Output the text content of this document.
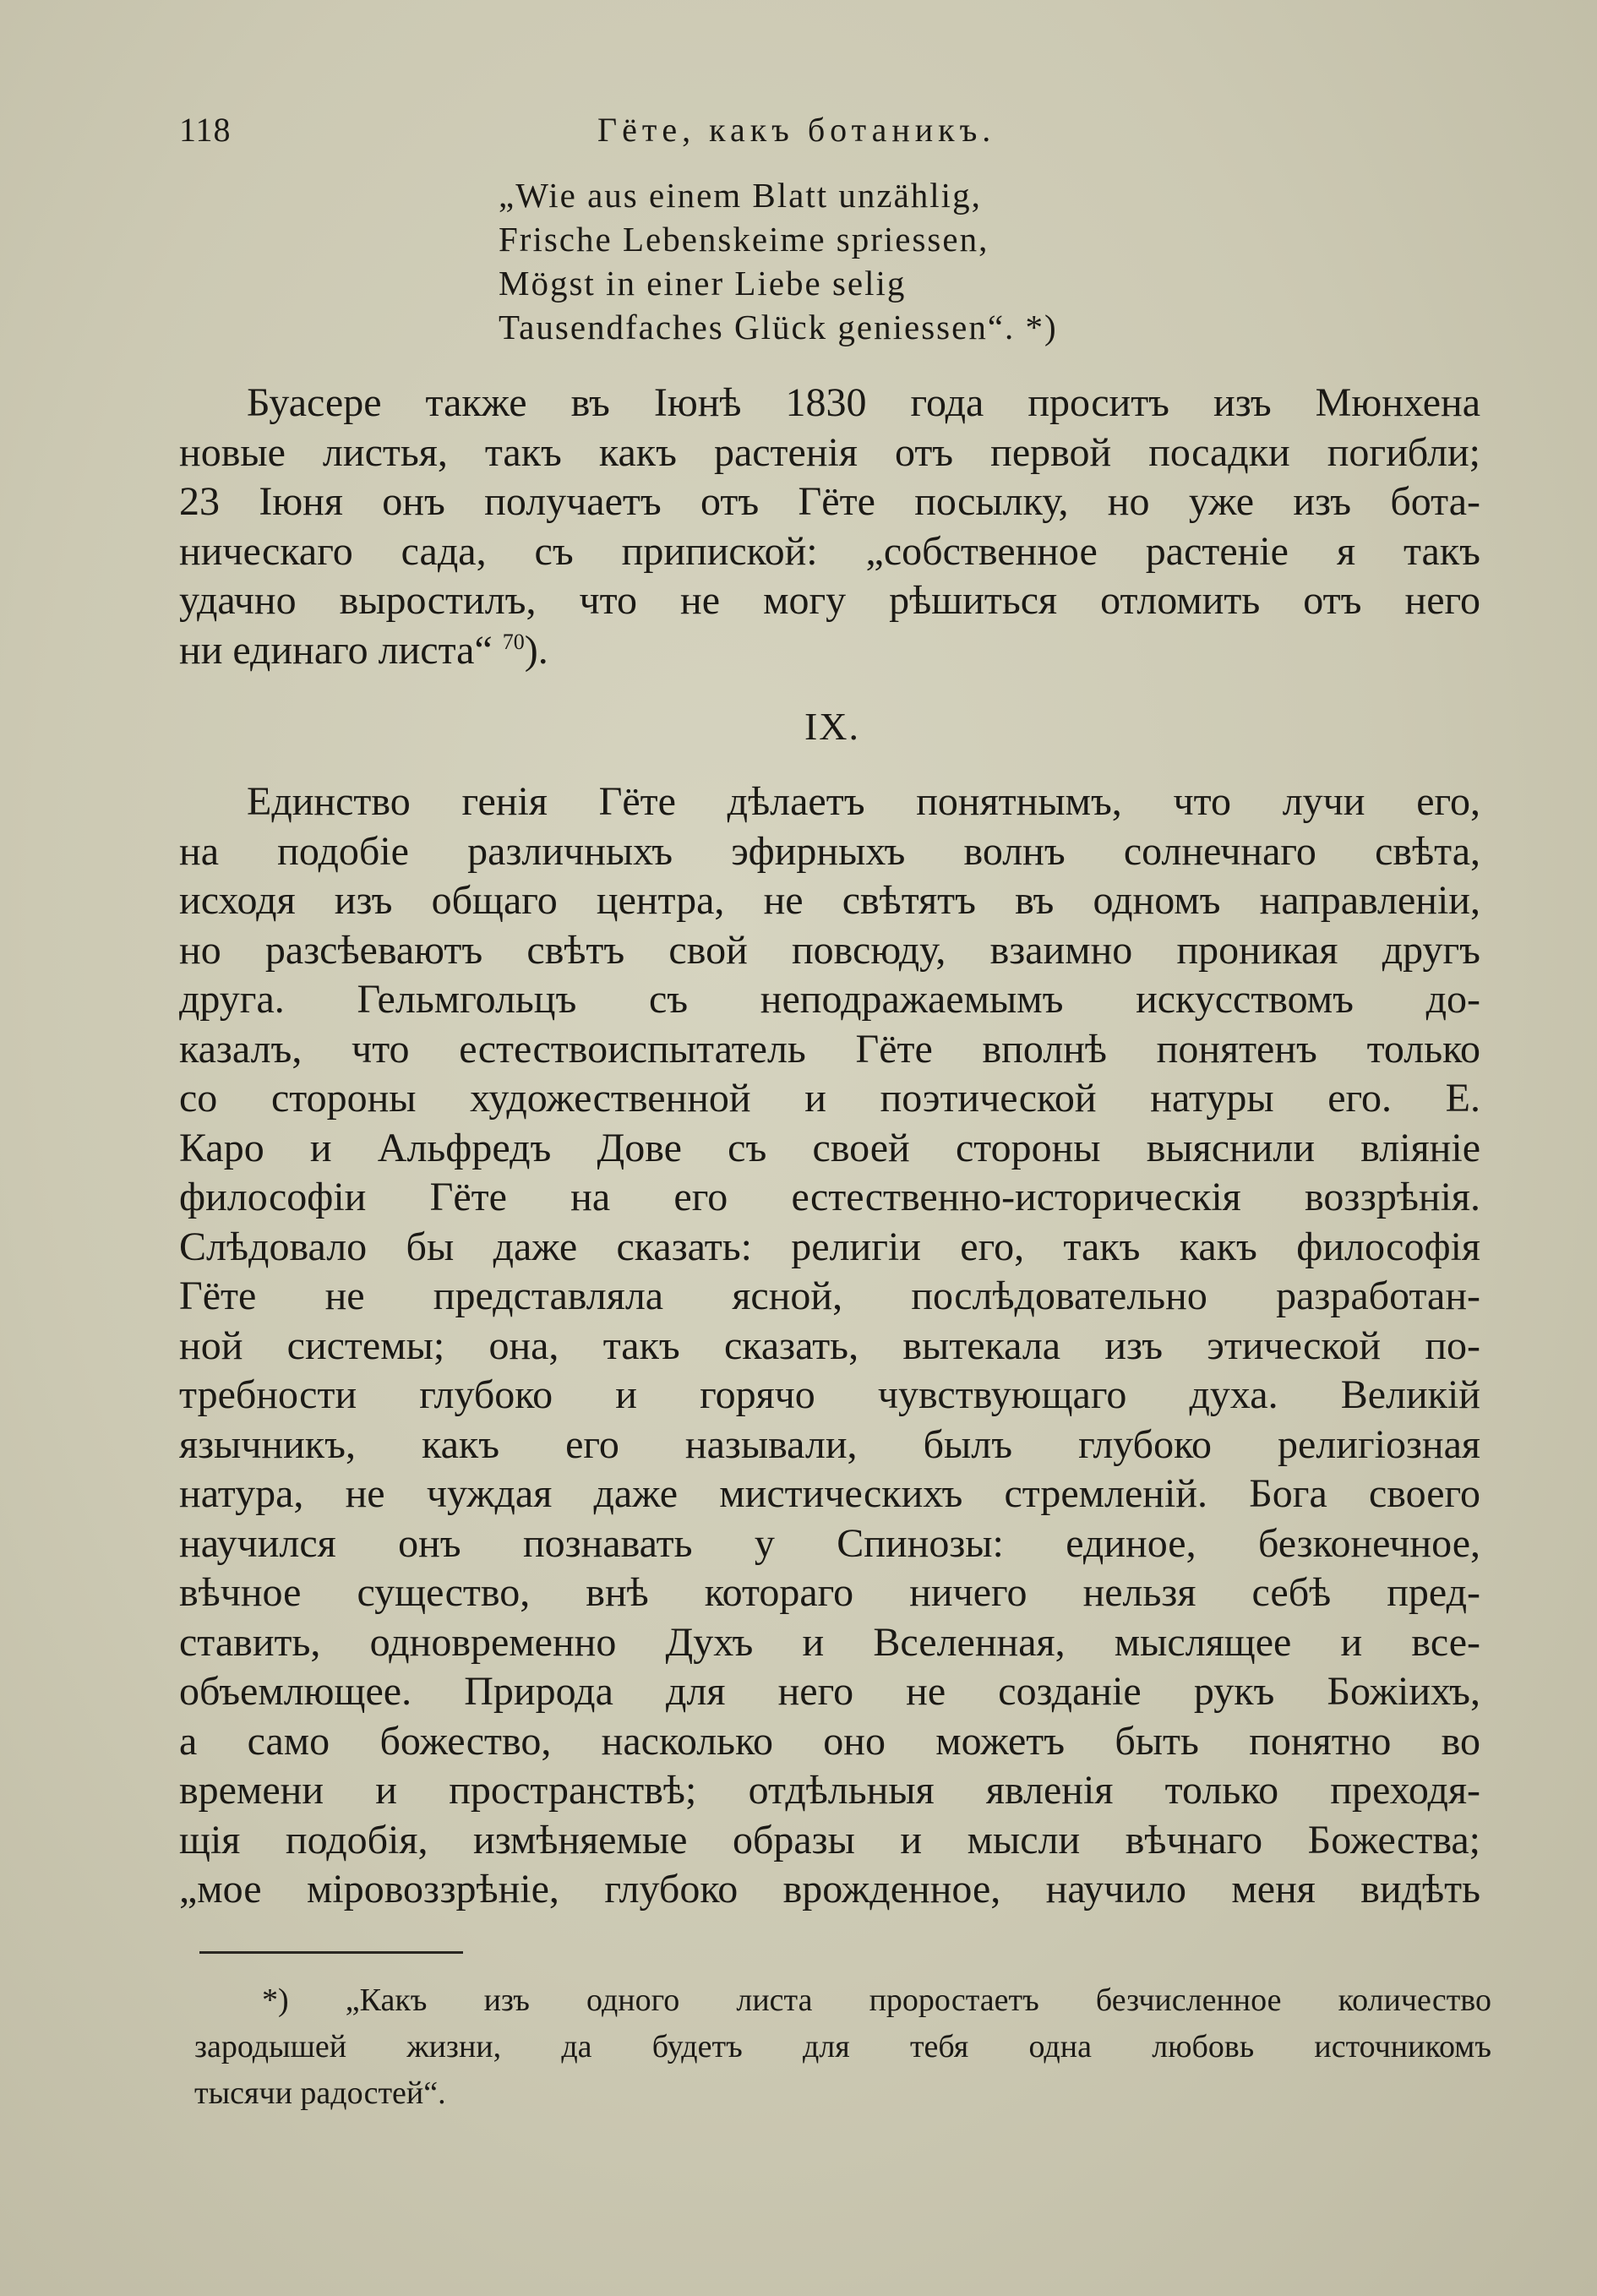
118	Гёте, какъ ботаникъ.
„Wie aus einem Blatt unzählig,
Frische Lebenskeime spriessen,
Mögst in einer Liebe selig
Tausendfaches Glück geniessen“. *)
Буасере также въ Iюнѣ 1830 года проситъ изъ Мюнхена
новые листья, такъ какъ растенiя отъ первой посадки погибли;
23 Iюня онъ получаетъ отъ Гёте посылку, но уже изъ бота-
ническаго сада, съ припиской: „собственное растенiе я такъ
удачно выростилъ, что не могу рѣшиться отломить отъ него
ни единаго листа“ $^{70}$).
IX.
Единство генiя Гёте дѣлаетъ понятнымъ, что лучи его,
на подобiе различныхъ эфирныхъ волнъ солнечнаго свѣта,
исходя изъ общаго центра, не свѣтятъ въ одномъ направленiи,
но разсѣеваютъ свѣтъ свой повсюду, взаимно проникая другъ
друга. Гельмгольцъ съ неподражаемымъ искусствомъ до-
казалъ, что естествоиспытатель Гёте вполнѣ понятенъ только
со стороны художественной и поэтической натуры его. Е.
Каро и Альфредъ Дове съ своей стороны выяснили влiянiе
философiи Гёте на его естественно-историческiя воззрѣнiя.
Слѣдовало бы даже сказать: религiи его, такъ какъ философiя
Гёте не представляла ясной, послѣдовательно разработан-
ной системы; она, такъ сказать, вытекала изъ этической по-
требности глубоко и горячо чувствующаго духа. Великiй
язычникъ, какъ его называли, былъ глубоко религiозная
натура, не чуждая даже мистическихъ стремленiй. Бога своего
научился онъ познавать у Спинозы: единое, безконечное,
вѣчное существо, внѣ котораго ничего нельзя себѣ пред-
ставить, одновременно Духъ и Вселенная, мыслящее и все-
объемлющее. Природа для него не созданiе рукъ Божiихъ,
а само божество, насколько оно можетъ быть понятно во
времени и пространствѣ; отдѣльныя явленiя только преходя-
щiя подобiя, измѣняемые образы и мысли вѣчнаго Божества;
„мое мiровоззрѣнiе, глубоко врожденное, научило меня видѣть
*) „Какъ изъ одного листа проростаетъ безчисленное количество
зародышей жизни, да будетъ для тебя одна любовь источникомъ
тысячи радостей“.
